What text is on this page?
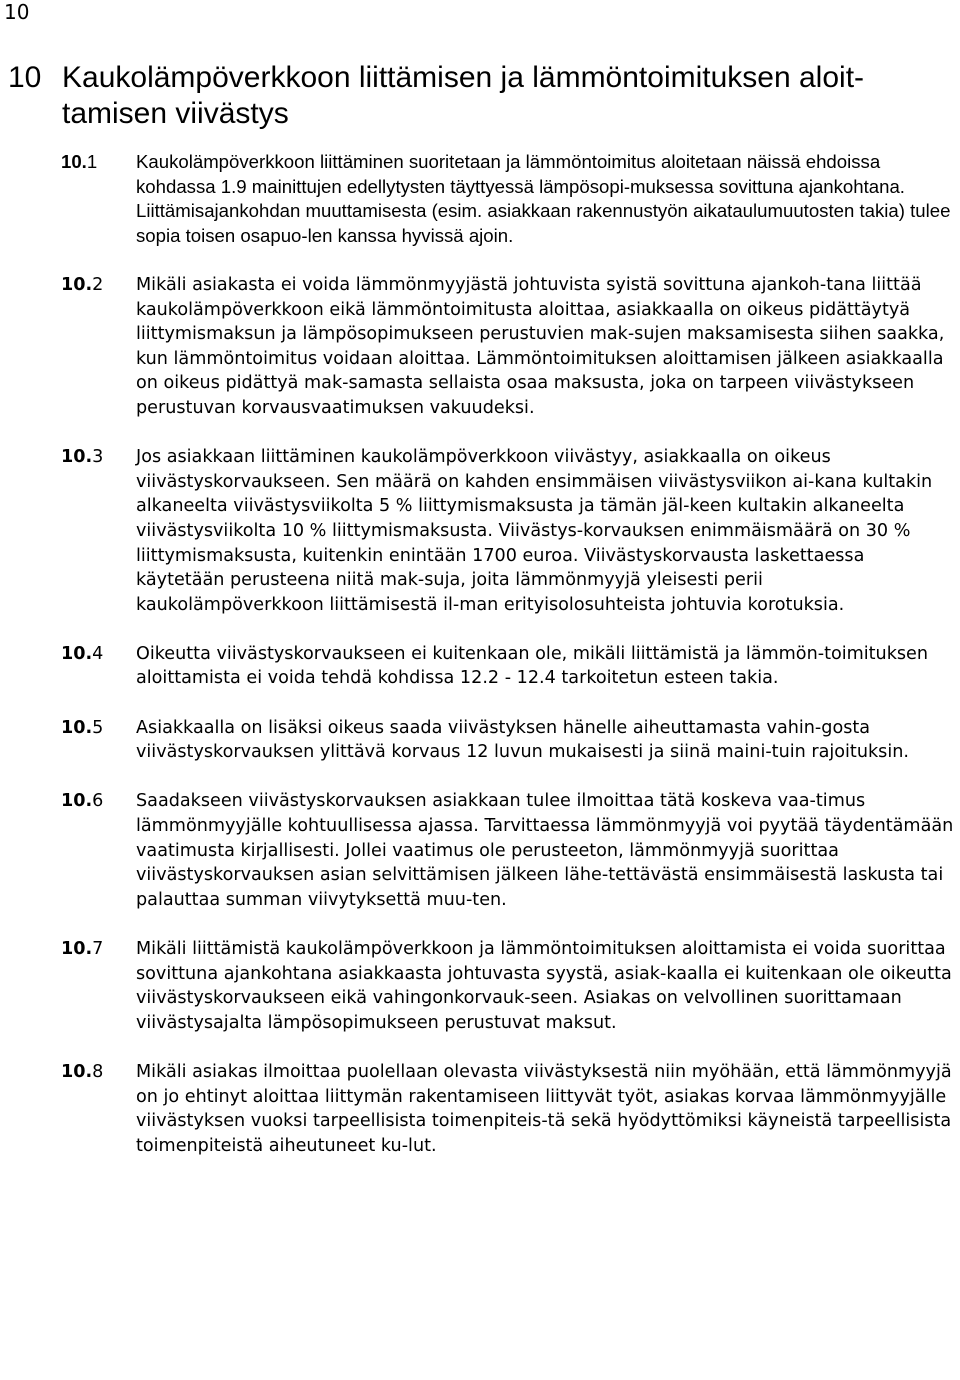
10
10 Kaukolämpöverkkoon liittämisen ja lämmöntoimituksen aloit-tamisen viivästys
10.1	Kaukolämpöverkkoon liittäminen suoritetaan ja lämmöntoimitus aloitetaan näissä ehdoissa kohdassa 1.9 mainittujen edellytysten täyttyessä lämpösopi-muksessa sovittuna ajankohtana. Liittämisajankohdan muuttamisesta (esim. asiakkaan rakennustyön aikataulumuutosten takia) tulee sopia toisen osapuo-len kanssa hyvissä ajoin.

10.2	Mikäli asiakasta ei voida lämmönmyyjästä johtuvista syistä sovittuna ajankoh-tana liittää kaukolämpöverkkoon eikä lämmöntoimitusta aloittaa, asiakkaalla on oikeus pidättäytyä liittymismaksun ja lämpösopimukseen perustuvien mak-sujen maksamisesta siihen saakka, kun lämmöntoimitus voidaan aloittaa. Lämmöntoimituksen aloittamisen jälkeen asiakkaalla on oikeus pidättyä mak-samasta sellaista osaa maksusta, joka on tarpeen viivästykseen perustuvan korvausvaatimuksen vakuudeksi.

10.3	Jos asiakkaan liittäminen kaukolämpöverkkoon viivästyy, asiakkaalla on oikeus viivästyskorvaukseen. Sen määrä on kahden ensimmäisen viivästysviikon ai-kana kultakin alkaneelta viivästysviikolta 5 % liittymismaksusta ja tämän jäl-keen kultakin alkaneelta viivästysviikolta 10 % liittymismaksusta. Viivästys-korvauksen enimmäismäärä on 30 % liittymismaksusta, kuitenkin enintään 1700 euroa. Viivästyskorvausta laskettaessa käytetään perusteena niitä mak-suja, joita lämmönmyyjä yleisesti perii kaukolämpöverkkoon liittämisestä il-man erityisolosuhteista johtuvia korotuksia.

10.4	Oikeutta viivästyskorvaukseen ei kuitenkaan ole, mikäli liittämistä ja lämmön-toimituksen aloittamista ei voida tehdä kohdissa 12.2 - 12.4 tarkoitetun esteen takia.

10.5	Asiakkaalla on lisäksi oikeus saada viivästyksen hänelle aiheuttamasta vahin-gosta viivästyskorvauksen ylittävä korvaus 12 luvun mukaisesti ja siinä maini-tuin rajoituksin.

10.6	Saadakseen viivästyskorvauksen asiakkaan tulee ilmoittaa tätä koskeva vaa-timus lämmönmyyjälle kohtuullisessa ajassa. Tarvittaessa lämmönmyyjä voi pyytää täydentämään vaatimusta kirjallisesti. Jollei vaatimus ole perusteeton, lämmönmyyjä suorittaa viivästyskorvauksen asian selvittämisen jälkeen lähe-tettävästä ensimmäisestä laskusta tai palauttaa summan viivytyksettä muu-ten.

10.7	Mikäli liittämistä kaukolämpöverkkoon ja lämmöntoimituksen aloittamista ei voida suorittaa sovittuna ajankohtana asiakkaasta johtuvasta syystä, asiak-kaalla ei kuitenkaan ole oikeutta viivästyskorvaukseen eikä vahingonkorvauk-seen. Asiakas on velvollinen suorittamaan viivästysajalta lämpösopimukseen perustuvat maksut.

10.8	Mikäli asiakas ilmoittaa puolellaan olevasta viivästyksestä niin myöhään, että lämmönmyyjä on jo ehtinyt aloittaa liittymän rakentamiseen liittyvät työt, asiakas korvaa lämmönmyyjälle viivästyksen vuoksi tarpeellisista toimenpiteis-tä sekä hyödyttömiksi käyneistä tarpeellisista toimenpiteistä aiheutuneet ku-lut.
